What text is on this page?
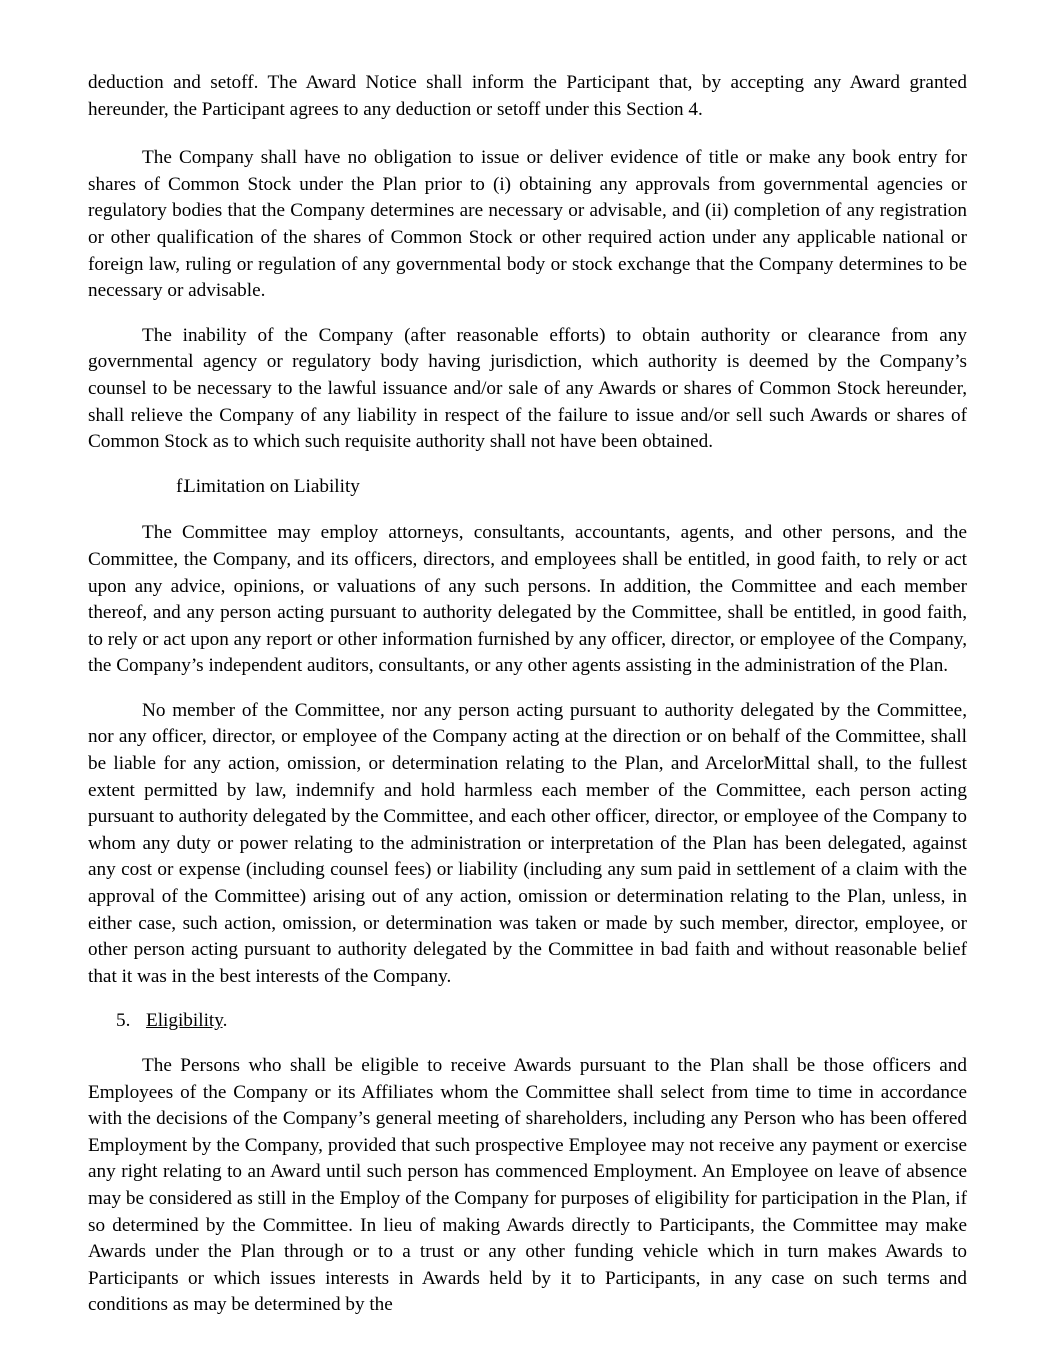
deduction and setoff. The Award Notice shall inform the Participant that, by accepting any Award granted hereunder, the Participant agrees to any deduction or setoff under this Section 4.

The Company shall have no obligation to issue or deliver evidence of title or make any book entry for shares of Common Stock under the Plan prior to (i) obtaining any approvals from governmental agencies or regulatory bodies that the Company determines are necessary or advisable, and (ii) completion of any registration or other qualification of the shares of Common Stock or other required action under any applicable national or foreign law, ruling or regulation of any governmental body or stock exchange that the Company determines to be necessary or advisable.

The inability of the Company (after reasonable efforts) to obtain authority or clearance from any governmental agency or regulatory body having jurisdiction, which authority is deemed by the Company’s counsel to be necessary to the lawful issuance and/or sale of any Awards or shares of Common Stock hereunder, shall relieve the Company of any liability in respect of the failure to issue and/or sell such Awards or shares of Common Stock as to which such requisite authority shall not have been obtained.

f.
Limitation on Liability

The Committee may employ attorneys, consultants, accountants, agents, and other persons, and the Committee, the Company, and its officers, directors, and employees shall be entitled, in good faith, to rely or act upon any advice, opinions, or valuations of any such persons. In addition, the Committee and each member thereof, and any person acting pursuant to authority delegated by the Committee, shall be entitled, in good faith, to rely or act upon any report or other information furnished by any officer, director, or employee of the Company, the Company’s independent auditors, consultants, or any other agents assisting in the administration of the Plan.

No member of the Committee, nor any person acting pursuant to authority delegated by the Committee, nor any officer, director, or employee of the Company acting at the direction or on behalf of the Committee, shall be liable for any action, omission, or determination relating to the Plan, and ArcelorMittal shall, to the fullest extent permitted by law, indemnify and hold harmless each member of the Committee, each person acting pursuant to authority delegated by the Committee, and each other officer, director, or employee of the Company to whom any duty or power relating to the administration or interpretation of the Plan has been delegated, against any cost or expense (including counsel fees) or liability (including any sum paid in settlement of a claim with the approval of the Committee) arising out of any action, omission or determination relating to the Plan, unless, in either case, such action, omission, or determination was taken or made by such member, director, employee, or other person acting pursuant to authority delegated by the Committee in bad faith and without reasonable belief that it was in the best interests of the Company.

5. Eligibility.

The Persons who shall be eligible to receive Awards pursuant to the Plan shall be those officers and Employees of the Company or its Affiliates whom the Committee shall select from time to time in accordance with the decisions of the Company’s general meeting of shareholders, including any Person who has been offered Employment by the Company, provided that such prospective Employee may not receive any payment or exercise any right relating to an Award until such person has commenced Employment. An Employee on leave of absence may be considered as still in the Employ of the Company for purposes of eligibility for participation in the Plan, if so determined by the Committee. In lieu of making Awards directly to Participants, the Committee may make Awards under the Plan through or to a trust or any other funding vehicle which in turn makes Awards to Participants or which issues interests in Awards held by it to Participants, in any case on such terms and conditions as may be determined by the
